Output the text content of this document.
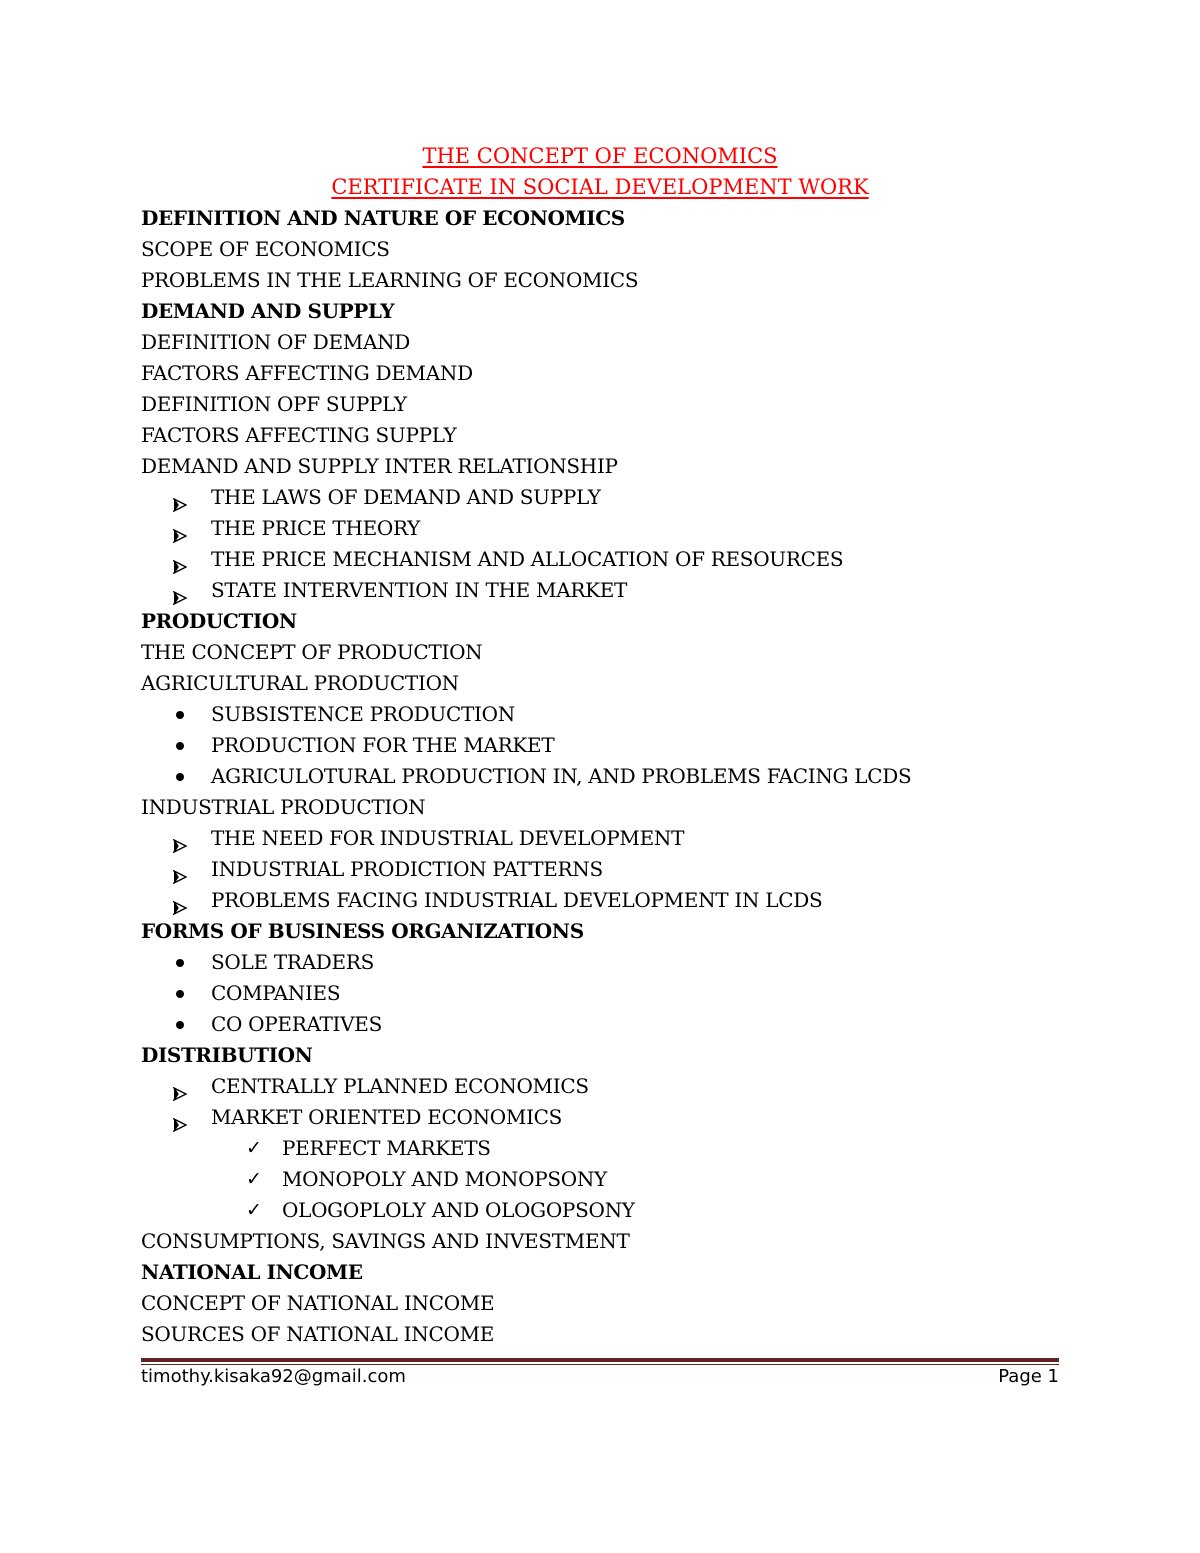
THE CONCEPT OF ECONOMICS
CERTIFICATE IN SOCIAL DEVELOPMENT WORK
DEFINITION AND NATURE OF ECONOMICS
SCOPE OF ECONOMICS
PROBLEMS IN THE LEARNING OF ECONOMICS
DEMAND AND SUPPLY
DEFINITION OF DEMAND
FACTORS AFFECTING DEMAND
DEFINITION OPF SUPPLY
FACTORS AFFECTING SUPPLY
DEMAND AND SUPPLY INTER RELATIONSHIP
THE LAWS OF DEMAND AND SUPPLY
THE PRICE THEORY
THE PRICE MECHANISM AND ALLOCATION OF RESOURCES
STATE INTERVENTION IN THE MARKET
PRODUCTION
THE CONCEPT OF PRODUCTION
AGRICULTURAL PRODUCTION
SUBSISTENCE PRODUCTION
PRODUCTION FOR THE MARKET
AGRICULOTURAL PRODUCTION IN, AND PROBLEMS FACING LCDS
INDUSTRIAL PRODUCTION
THE NEED FOR INDUSTRIAL DEVELOPMENT
INDUSTRIAL PRODICTION PATTERNS
PROBLEMS FACING INDUSTRIAL DEVELOPMENT IN LCDS
FORMS OF BUSINESS ORGANIZATIONS
SOLE TRADERS
COMPANIES
CO OPERATIVES
DISTRIBUTION
CENTRALLY PLANNED ECONOMICS
MARKET ORIENTED ECONOMICS
✓ PERFECT MARKETS
✓ MONOPOLY AND MONOPSONY
✓ OLOGOPLOLY AND OLOGOPSONY
CONSUMPTIONS, SAVINGS AND INVESTMENT
NATIONAL INCOME
CONCEPT OF NATIONAL INCOME
SOURCES OF NATIONAL INCOME
timothy.kisaka92@gmail.com	Page 1
